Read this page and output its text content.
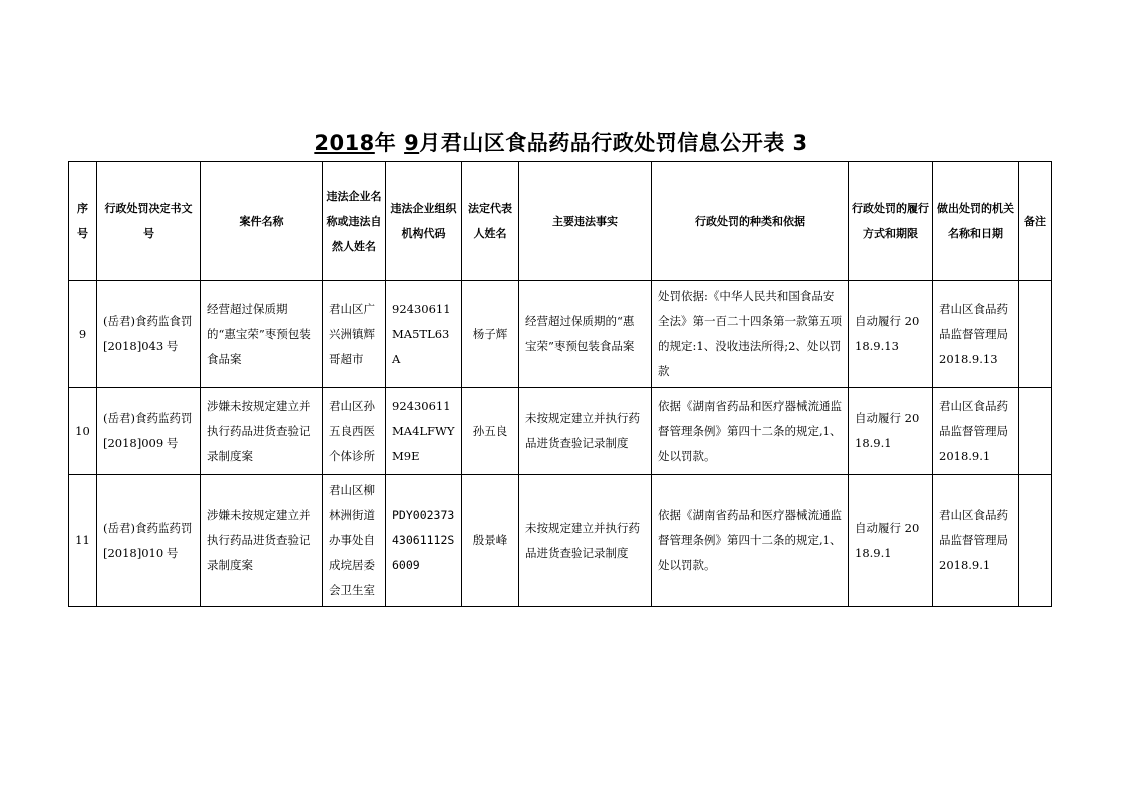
2018年 9月君山区食品药品行政处罚信息公开表 3
序号	行政处罚决定书文号	案件名称	违法企业名称或违法自然人姓名	违法企业组织机构代码	法定代表人姓名	主要违法事实	行政处罚的种类和依据	行政处罚的履行方式和期限	做出处罚的机关名称和日期	备注
9	(岳君)食药监食罚[2018]043 号	经营超过保质期的“惠宝荣”枣预包装食品案	君山区广兴洲镇辉哥超市	92430611MA5TL63A	杨子辉	经营超过保质期的“惠宝荣”枣预包装食品案	处罚依据:《中华人民共和国食品安全法》第一百二十四条第一款第五项的规定:1、没收违法所得;2、处以罚款	自动履行 2018.9.13	君山区食品药品监督管理局 2018.9.13	
10	(岳君)食药监药罚[2018]009 号	涉嫌未按规定建立并执行药品进货查验记录制度案	君山区孙五良西医个体诊所	92430611MA4LFWYM9E	孙五良	未按规定建立并执行药品进货查验记录制度	依据《湖南省药品和医疗器械流通监督管理条例》第四十二条的规定,1、处以罚款。	自动履行 2018.9.1	君山区食品药品监督管理局 2018.9.1	
11	(岳君)食药监药罚[2018]010 号	涉嫌未按规定建立并执行药品进货查验记录制度案	君山区柳林洲街道办事处自成垸居委会卫生室	PDY00237343061112S6009	殷景峰	未按规定建立并执行药品进货查验记录制度	依据《湖南省药品和医疗器械流通监督管理条例》第四十二条的规定,1、处以罚款。	自动履行 2018.9.1	君山区食品药品监督管理局 2018.9.1	
